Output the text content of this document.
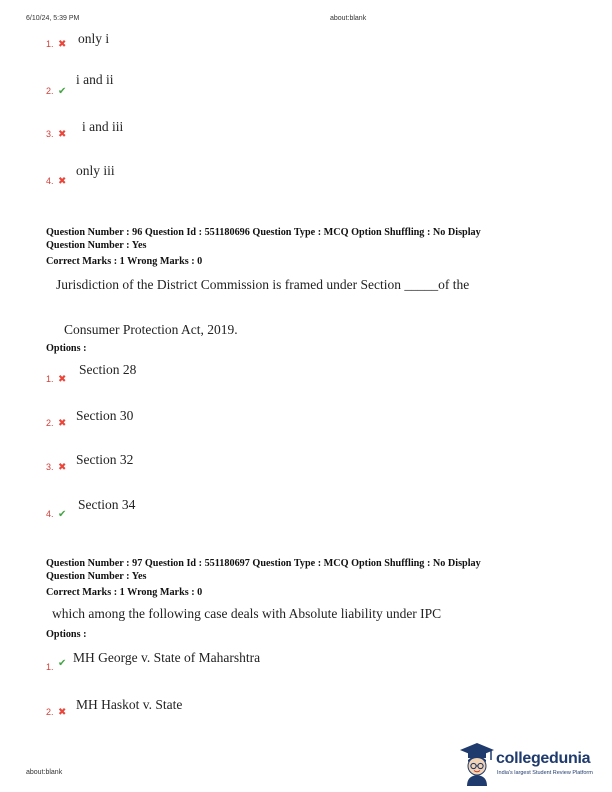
6/10/24, 5:39 PM	about:blank
1. ✖ only i
2. ✔
i and ii
3. ✖
i and iii
4. ✖
only iii
Question Number : 96 Question Id : 551180696 Question Type : MCQ Option Shuffling : No Display
Question Number : Yes
Correct Marks : 1 Wrong Marks : 0
Jurisdiction of the District Commission is framed under Section _____of the
Consumer Protection Act, 2019.
Options :
1. ✖
Section 28
2. ✖
Section 30
3. ✖
Section 32
4. ✔
Section 34
Question Number : 97 Question Id : 551180697 Question Type : MCQ Option Shuffling : No Display
Question Number : Yes
Correct Marks : 1 Wrong Marks : 0
which among the following case deals with Absolute liability under IPC
Options :
1. ✔ MH George v. State of Maharshtra
2. ✖
MH Haskot v. State
about:blank
collegedunia
India's largest Student Review Platform
